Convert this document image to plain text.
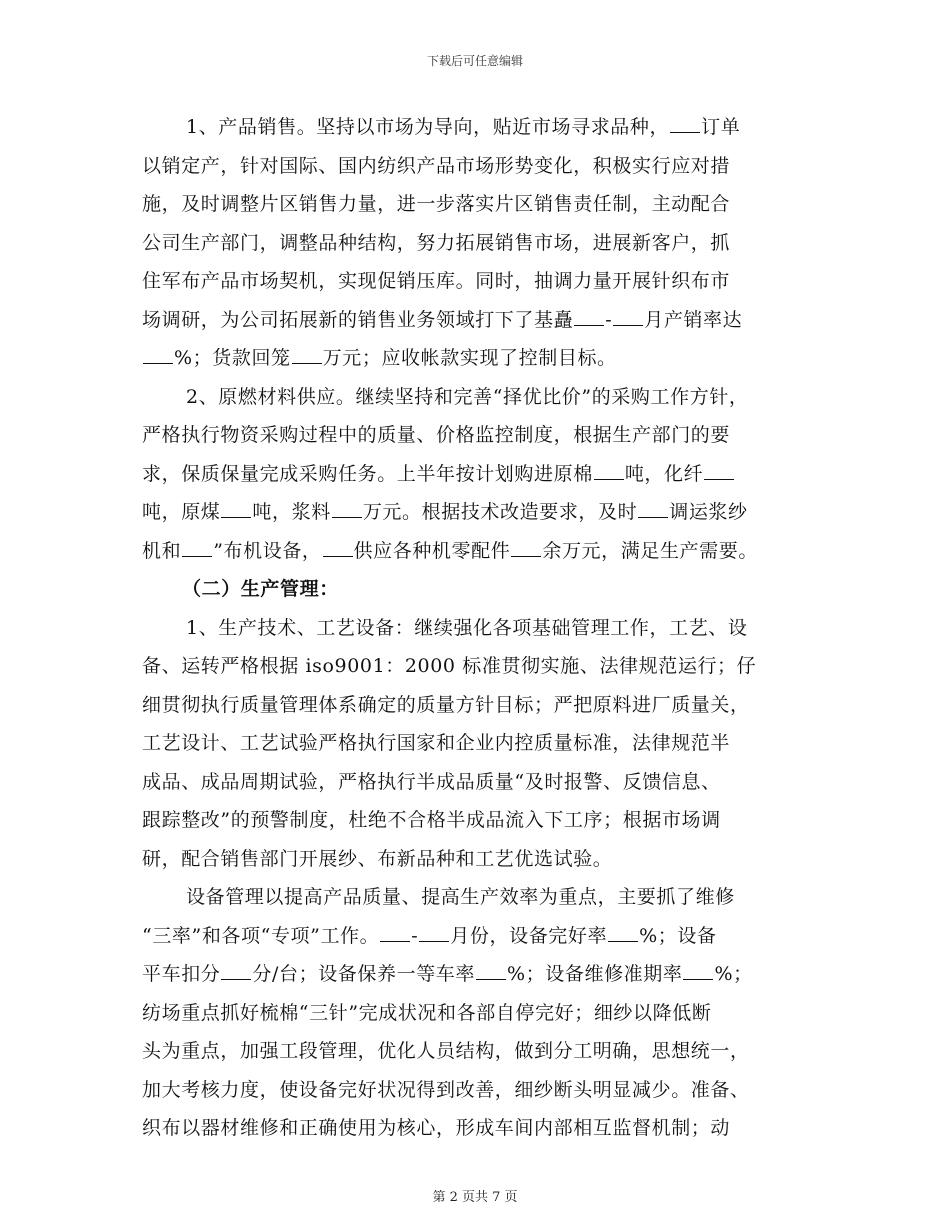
下载后可任意编辑
1、产品销售。坚持以市场为导向，贴近市场寻求品种， 订单
以销定产，针对国际、国内纺织产品市场形势变化，积极实行应对措
施，及时调整片区销售力量，进一步落实片区销售责任制，主动配合
公司生产部门，调整品种结构，努力拓展销售市场，进展新客户，抓
住军布产品市场契机，实现促销压库。同时，抽调力量开展针织布市
场调研，为公司拓展新的销售业务领域打下了基矗 - 月产销率达
%；货款回笼 万元；应收帐款实现了控制目标。
2、原燃材料供应。继续坚持和完善“择优比价”的采购工作方针，
严格执行物资采购过程中的质量、价格监控制度，根据生产部门的要
求，保质保量完成采购任务。上半年按计划购进原棉 吨，化纤
吨，原煤 吨，浆料 万元。根据技术改造要求，及时 调运浆纱
机和 ”布机设备， 供应各种机零配件 余万元，满足生产需要。
（二）生产管理：
1、生产技术、工艺设备：继续强化各项基础管理工作，工艺、设
备、运转严格根据 iso9001：2000 标准贯彻实施、法律规范运行；仔
细贯彻执行质量管理体系确定的质量方针目标；严把原料进厂质量关，
工艺设计、工艺试验严格执行国家和企业内控质量标准，法律规范半
成品、成品周期试验，严格执行半成品质量“及时报警、反馈信息、
跟踪整改”的预警制度，杜绝不合格半成品流入下工序；根据市场调
研，配合销售部门开展纱、布新品种和工艺优选试验。
设备管理以提高产品质量、提高生产效率为重点，主要抓了维修
“三率”和各项“专项”工作。 - 月份，设备完好率 %；设备
平车扣分 分/台；设备保养一等车率 %；设备维修准期率 %；
纺场重点抓好梳棉“三针”完成状况和各部自停完好；细纱以降低断
头为重点，加强工段管理，优化人员结构，做到分工明确，思想统一，
加大考核力度，使设备完好状况得到改善，细纱断头明显减少。准备、
织布以器材维修和正确使用为核心，形成车间内部相互监督机制；动
第 2 页共 7 页
